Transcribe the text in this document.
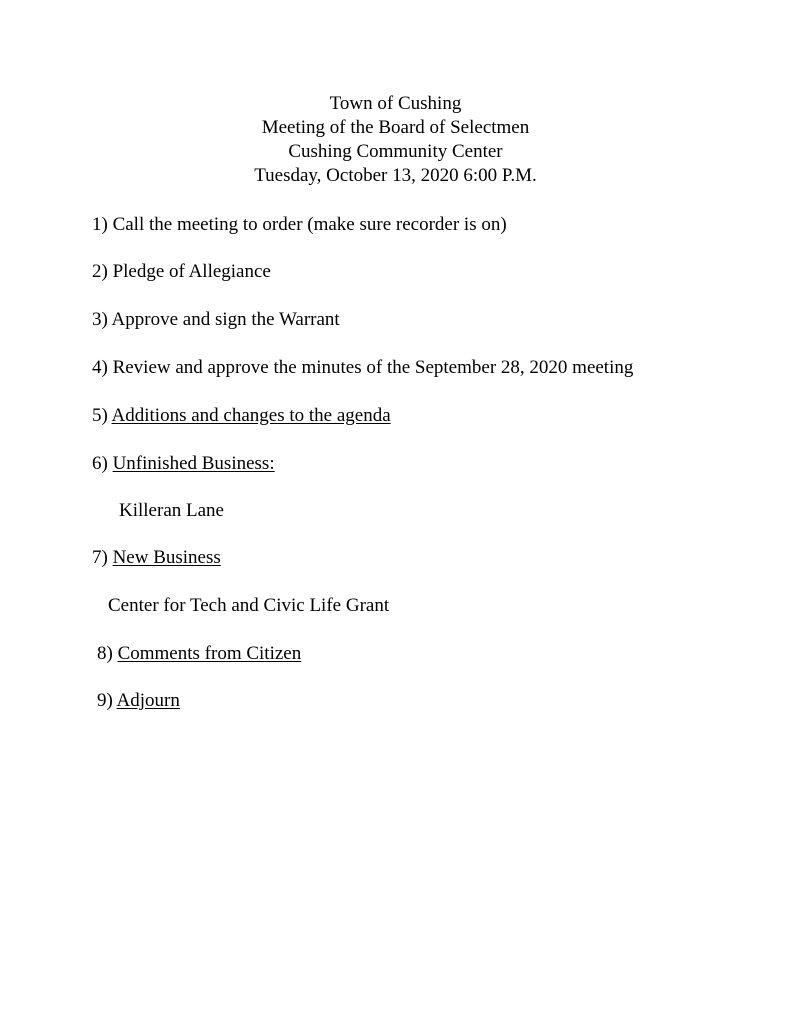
Town of Cushing
Meeting of the Board of Selectmen
Cushing Community Center
Tuesday, October 13, 2020 6:00 P.M.
1) Call the meeting to order (make sure recorder is on)
2) Pledge of Allegiance
3) Approve and sign the Warrant
4) Review and approve the minutes of the September 28, 2020 meeting
5) Additions and changes to the agenda
6) Unfinished Business:
Killeran Lane
7) New Business
Center for Tech and Civic Life Grant
8) Comments from Citizen
9) Adjourn
